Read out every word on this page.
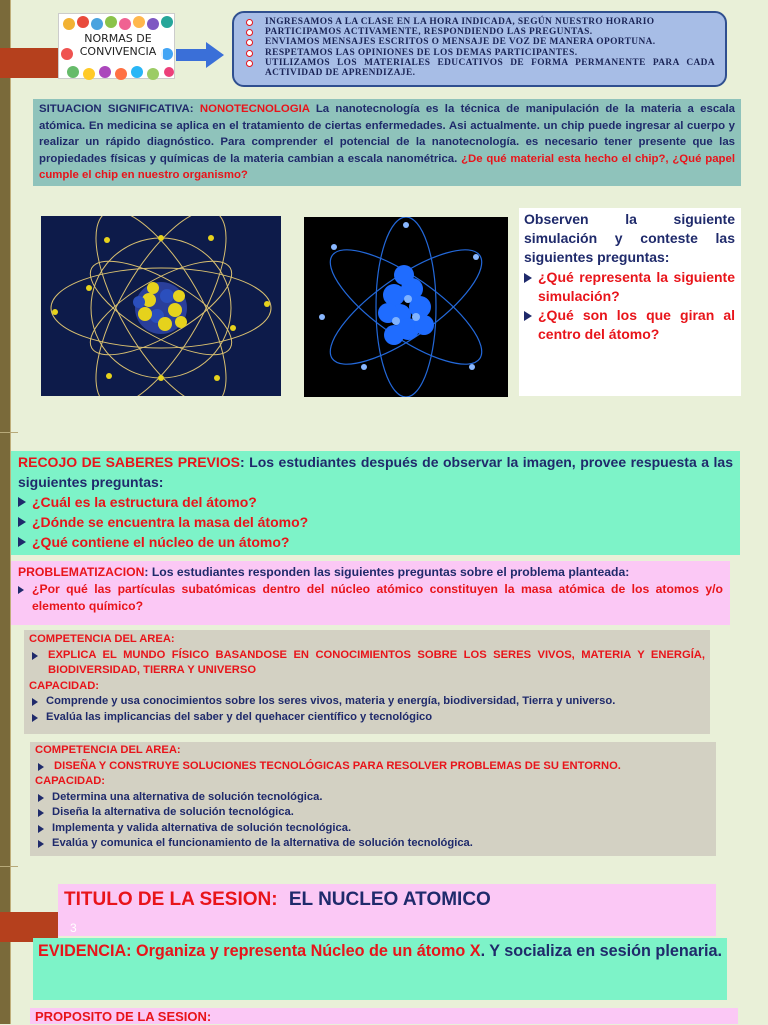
NORMAS DE CONVIVENCIA
INGRESAMOS A LA CLASE EN LA HORA INDICADA, SEGÚN NUESTRO HORARIO
PARTICIPAMOS ACTIVAMENTE, RESPONDIENDO LAS PREGUNTAS.
ENVIAMOS MENSAJES ESCRITOS O MENSAJE DE VOZ DE MANERA OPORTUNA.
RESPETAMOS LAS OPINIONES DE LOS DEMAS PARTICIPANTES.
UTILIZAMOS LOS MATERIALES EDUCATIVOS DE FORMA PERMANENTE PARA CADA ACTIVIDAD DE APRENDIZAJE.
SITUACION SIGNIFICATIVA: NONOTECNOLOGIA La nanotecnología es la técnica de manipulación de la materia a escala atómica. En medicina se aplica en el tratamiento de ciertas enfermedades. Asi actualmente. un chip puede ingresar al cuerpo y realizar un rápido diagnóstico. Para comprender el potencial de la nanotecnología. es necesario tener presente que las propiedades físicas y químicas de la materia cambian a escala nanométrica. ¿De qué material esta hecho el chip?, ¿Qué papel cumple el chip en nuestro organismo?
Observen la siguiente simulación y conteste las siguientes preguntas:
¿Qué representa la siguiente simulación?
¿Qué son los que giran al centro del átomo?
RECOJO DE SABERES PREVIOS: Los estudiantes después de observar la imagen, provee respuesta a las siguientes preguntas:
¿Cuál es la estructura del átomo?
¿Dónde se encuentra la masa del átomo?
¿Qué contiene el núcleo de un átomo?
PROBLEMATIZACION: Los estudiantes responden las siguientes preguntas sobre el problema planteada:
¿Por qué las partículas subatómicas dentro del núcleo atómico constituyen la masa atómica de los atomos y/o elemento químico?
COMPETENCIA DEL AREA:
EXPLICA EL MUNDO FÍSICO BASANDOSE EN CONOCIMIENTOS SOBRE LOS SERES VIVOS, MATERIA Y ENERGÍA, BIODIVERSIDAD, TIERRA Y UNIVERSO
CAPACIDAD:
Comprende y usa conocimientos sobre los seres vivos, materia y energía, biodiversidad, Tierra y universo.
Evalúa las implicancias del saber y del quehacer científico y tecnológico
COMPETENCIA DEL AREA:
DISEÑA Y CONSTRUYE SOLUCIONES TECNOLÓGICAS PARA RESOLVER PROBLEMAS DE SU ENTORNO.
CAPACIDAD:
Determina una alternativa de solución tecnológica.
Diseña la alternativa de solución tecnológica.
Implementa y valida alternativa de solución tecnológica.
Evalúa y comunica el funcionamiento de la alternativa de solución tecnológica.
TITULO DE LA SESION: EL NUCLEO ATOMICO
3
EVIDENCIA: Organiza y representa Núcleo de un átomo X. Y socializa en sesión plenaria.
PROPOSITO DE LA SESION:
